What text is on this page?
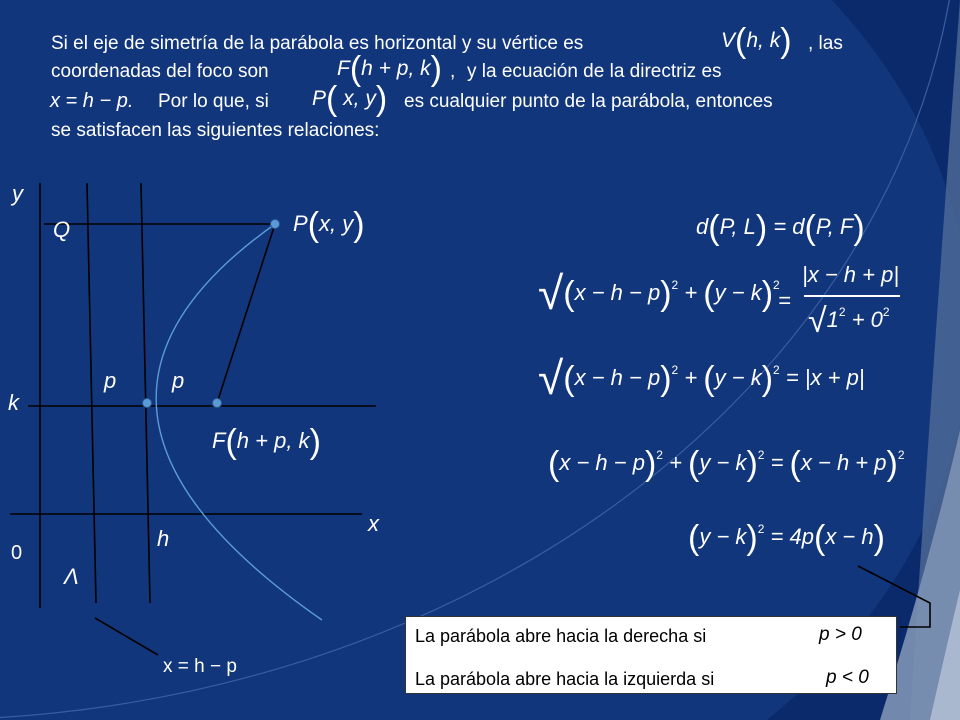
Si el eje de simetría de la parábola es horizontal y su vértice es	V(h, k) , las
coordenadas del foco son	F(h + p, k) , y la ecuación de la directriz es
x = h − p. Por lo que, si P( x, y) es cualquier punto de la parábola, entonces
se satisfacen las siguientes relaciones:
y
x
0
k
h
Q
p	p
Λ
P(x, y)
F(h + p, k)
x = h − p
d(P, L) = d(P, F)
$√(x - h - p)^2 + (y - k)^2$
=
|x − h + p|
$√1^2 + 0^2$
$√(x - h - p)^2 + (y - k)^2 = |x + p|$
$(x - h - p)^2 + (y - k)^2 = (x - h + p)^2$
$(y - k)^2 = 4p(x - h)$
La parábola abre hacia la derecha si	p > 0
La parábola abre hacia la izquierda si	p < 0
